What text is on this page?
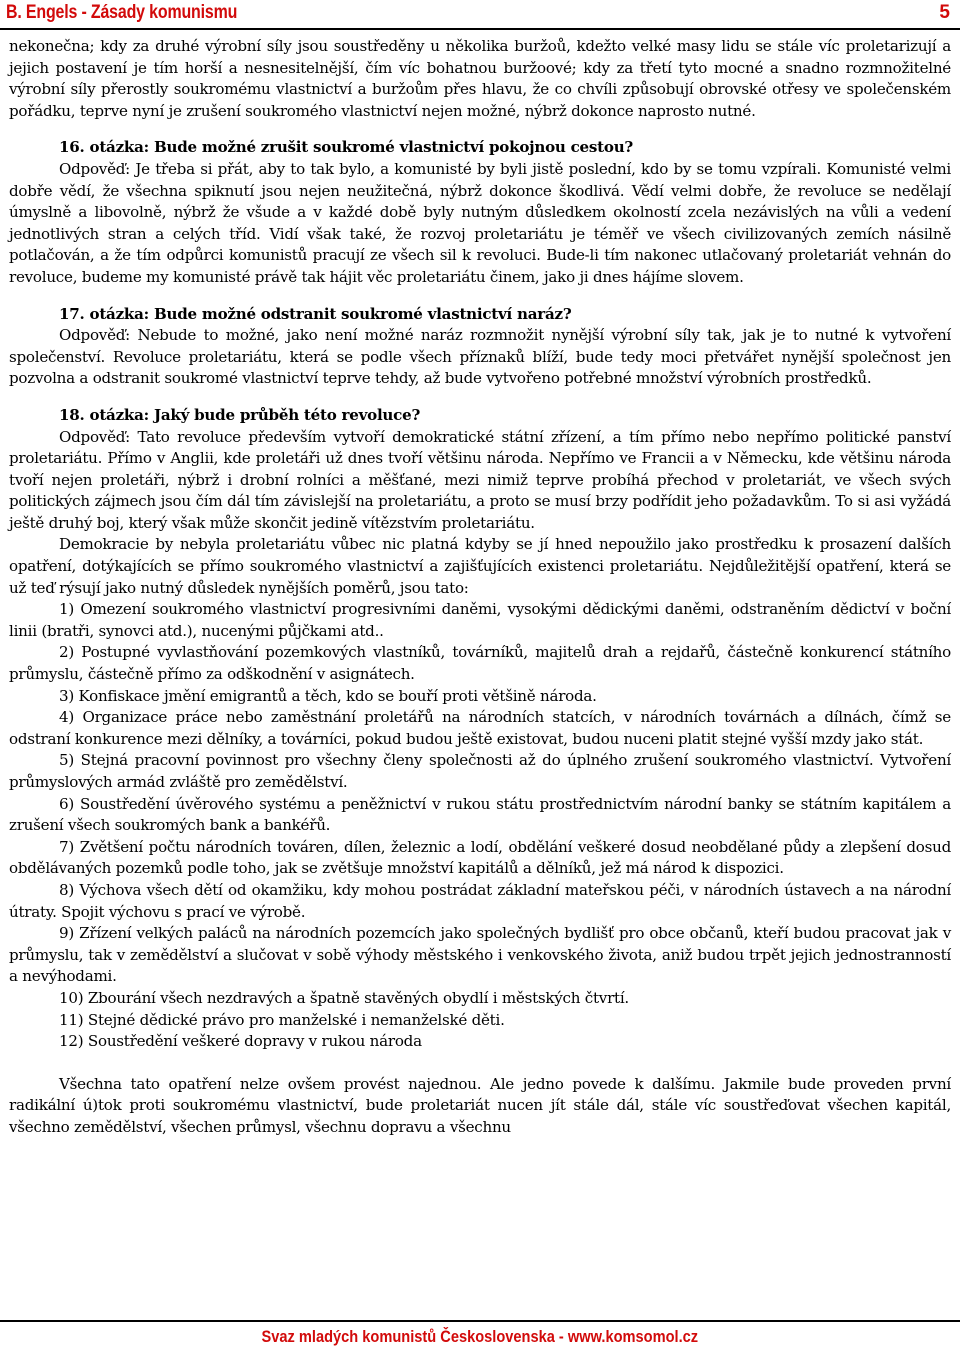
B. Engels - Zásady komunismu	5

nekonečna; kdy za druhé výrobní síly jsou soustředěny u několika buržoů, kdežto velké masy lidu se stále víc proletarizují a jejich postavení je tím horší a nesnesitelnější, čím víc bohatnou buržoové; kdy za třetí tyto mocné a snadno rozmnožitelné výrobní síly přerostly soukromému vlastnictví a buržoům přes hlavu, že co chvíli způsobují obrovské otřesy ve společenském pořádku, teprve nyní je zrušení soukromého vlastnictví nejen možné, nýbrž dokonce naprosto nutné.

16. otázka: Bude možné zrušit soukromé vlastnictví pokojnou cestou?

Odpověď: Je třeba si přát, aby to tak bylo, a komunisté by byli jistě poslední, kdo by se tomu vzpírali. Komunisté velmi dobře vědí, že všechna spiknutí jsou nejen neužitečná, nýbrž dokonce škodlivá. Vědí velmi dobře, že revoluce se nedělají úmyslně a libovolně, nýbrž že všude a v každé době byly nutným důsledkem okolností zcela nezávislých na vůli a vedení jednotlivých stran a celých tříd. Vidí však také, že rozvoj proletariátu je téměř ve všech civilizovaných zemích násilně potlačován, a že tím odpůrci komunistů pracují ze všech sil k revoluci. Bude-li tím nakonec utlačovaný proletariát vehnán do revoluce, budeme my komunisté právě tak hájit věc proletariátu činem, jako ji dnes hájíme slovem.

17. otázka: Bude možné odstranit soukromé vlastnictví naráz?

Odpověď: Nebude to možné, jako není možné naráz rozmnožit nynější výrobní síly tak, jak je to nutné k vytvoření společenství. Revoluce proletariátu, která se podle všech příznaků blíží, bude tedy moci přetvářet nynější společnost jen pozvolna a odstranit soukromé vlastnictví teprve tehdy, až bude vytvořeno potřebné množství výrobních prostředků.

18. otázka: Jaký bude průběh této revoluce?

Odpověď: Tato revoluce především vytvoří demokratické státní zřízení, a tím přímo nebo nepřímo politické panství proletariátu. Přímo v Anglii, kde proletáři už dnes tvoří většinu národa. Nepřímo ve Francii a v Německu, kde většinu národa tvoří nejen proletáři, nýbrž i drobní rolníci a měšťané, mezi nimiž teprve probíhá přechod v proletariát, ve všech svých politických zájmech jsou čím dál tím závislejší na proletariátu, a proto se musí brzy podřídit jeho požadavkům. To si asi vyžádá ještě druhý boj, který však může skončit jedině vítězstvím proletariátu.

Demokracie by nebyla proletariátu vůbec nic platná kdyby se jí hned nepoužilo jako prostředku k prosazení dalších opatření, dotýkajících se přímo soukromého vlastnictví a zajišťujících existenci proletariátu. Nejdůležitější opatření, která se už teď rýsují jako nutný důsledek nynějších poměrů, jsou tato:

1) Omezení soukromého vlastnictví progresivními daněmi, vysokými dědickými daněmi, odstraněním dědictví v boční linii (bratři, synovci atd.), nucenými půjčkami atd..

2) Postupné vyvlastňování pozemkových vlastníků, továrníků, majitelů drah a rejdařů, částečně konkurencí státního průmyslu, částečně přímo za odškodnění v asignátech.

3) Konfiskace jmění emigrantů a těch, kdo se bouří proti většině národa.

4) Organizace práce nebo zaměstnání proletářů na národních statcích, v národních továrnách a dílnách, čímž se odstraní konkurence mezi dělníky, a továrníci, pokud budou ještě existovat, budou nuceni platit stejné vyšší mzdy jako stát.

5) Stejná pracovní povinnost pro všechny členy společnosti až do úplného zrušení soukromého vlastnictví. Vytvoření průmyslových armád zvláště pro zemědělství.

6) Soustředění úvěrového systému a peněžnictví v rukou státu prostřednictvím národní banky se státním kapitálem a zrušení všech soukromých bank a bankéřů.

7) Zvětšení počtu národních továren, dílen, železnic a lodí, obdělání veškeré dosud neobdělané půdy a zlepšení dosud obdělávaných pozemků podle toho, jak se zvětšuje množství kapitálů a dělníků, jež má národ k dispozici.

8) Výchova všech dětí od okamžiku, kdy mohou postrádat základní mateřskou péči, v národních ústavech a na národní útraty. Spojit výchovu s prací ve výrobě.

9) Zřízení velkých paláců na národních pozemcích jako společných bydlišť pro obce občanů, kteří budou pracovat jak v průmyslu, tak v zemědělství a slučovat v sobě výhody městského i venkovského života, aniž budou trpět jejich jednostranností a nevýhodami.

10) Zbourání všech nezdravých a špatně stavěných obydlí i městských čtvrtí.

11) Stejné dědické právo pro manželské i nemanželské děti.

12) Soustředění veškeré dopravy v rukou národa

Všechna tato opatření nelze ovšem provést najednou. Ale jedno povede k dalšímu. Jakmile bude proveden první radikální ú)tok proti soukromému vlastnictví, bude proletariát nucen jít stále dál, stále víc soustřeďovat všechen kapitál, všechno zemědělství, všechen průmysl, všechnu dopravu a všechnu

Svaz mladých komunistů Československa - www.komsomol.cz
